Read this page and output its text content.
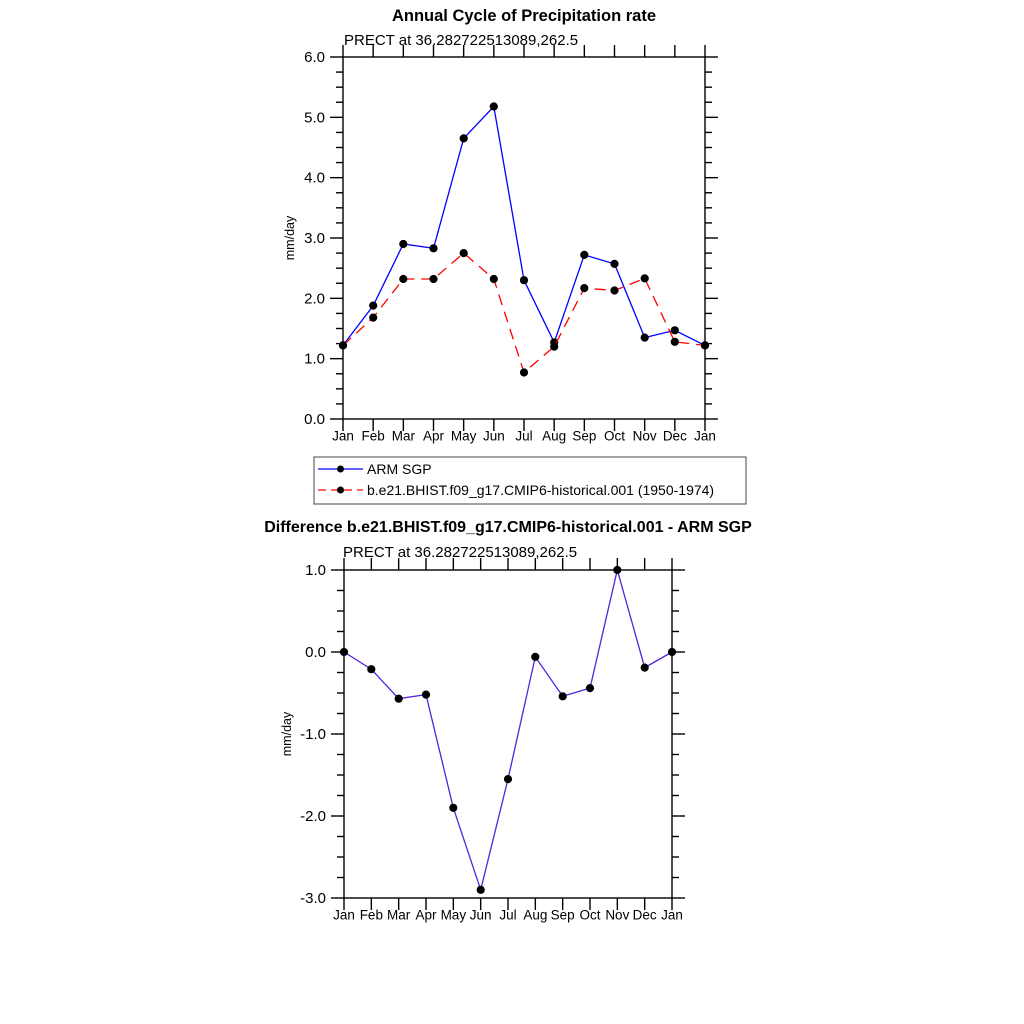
Annual Cycle of Precipitation rate
PRECT at 36.282722513089,262.5
mm/day
0.0
1.0
2.0
3.0
4.0
5.0
6.0
Jan Feb Mar Apr May Jun Jul Aug Sep Oct Nov Dec Jan
ARM SGP
b.e21.BHIST.f09_g17.CMIP6-historical.001 (1950-1974)
Difference b.e21.BHIST.f09_g17.CMIP6-historical.001 - ARM SGP
PRECT at 36.282722513089,262.5
mm/day
-3.0
-2.0
-1.0
0.0
1.0
Jan Feb Mar Apr May Jun Jul Aug Sep Oct Nov Dec Jan
